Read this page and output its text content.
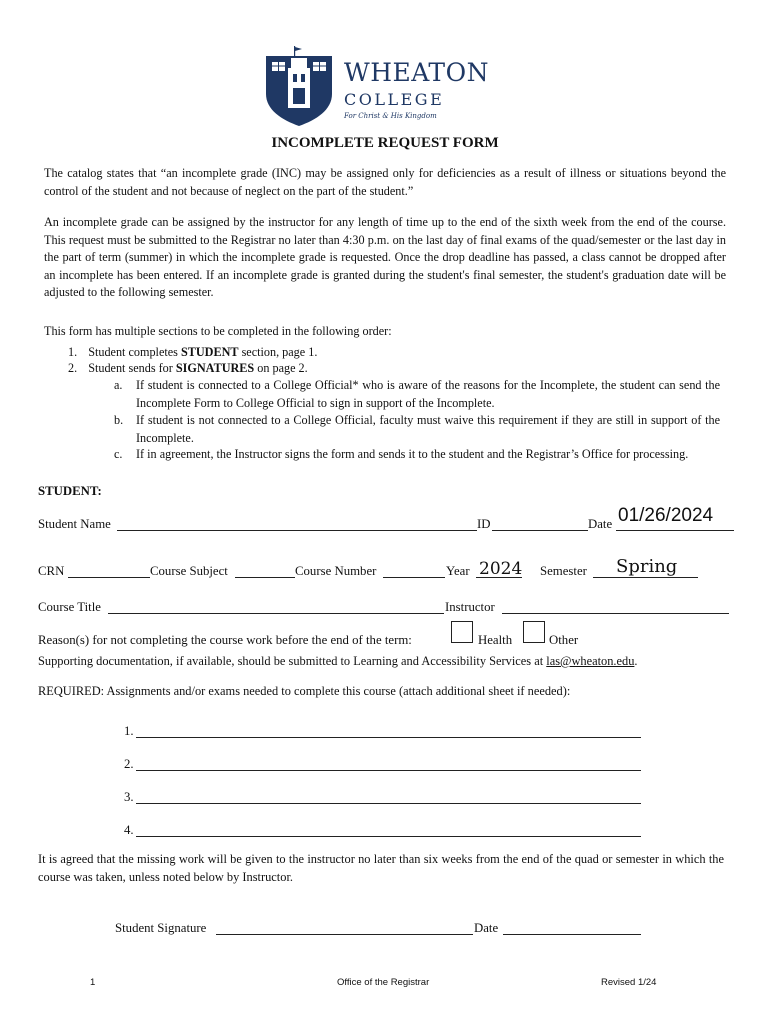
WHEATON
COLLEGE
For Christ & His Kingdom
INCOMPLETE REQUEST FORM
The catalog states that “an incomplete grade (INC) may be assigned only for deficiencies as a result of illness or situations beyond the control of the student and not because of neglect on the part of the student.”
An incomplete grade can be assigned by the instructor for any length of time up to the end of the sixth week from the end of the course. This request must be submitted to the Registrar no later than 4:30 p.m. on the last day of final exams of the quad/semester or the last day in the part of term (summer) in which the incomplete grade is requested. Once the drop deadline has passed, a class cannot be dropped after an incomplete has been entered. If an incomplete grade is granted during the student's final semester, the student's graduation date will be adjusted to the following semester.
This form has multiple sections to be completed in the following order:
1. Student completes STUDENT section, page 1.
2. Student sends for SIGNATURES on page 2.
a. If student is connected to a College Official* who is aware of the reasons for the Incomplete, the student can send the Incomplete Form to College Official to sign in support of the Incomplete.
b. If student is not connected to a College Official, faculty must waive this requirement if they are still in support of the Incomplete.
c. If in agreement, the Instructor signs the form and sends it to the student and the Registrar’s Office for processing.
STUDENT:
Student Name	ID	Date 01/26/2024
CRN	Course Subject	Course Number	Year 2024 Semester Spring
Course Title	Instructor
Reason(s) for not completing the course work before the end of the term:	Health	Other
Supporting documentation, if available, should be submitted to Learning and Accessibility Services at las@wheaton.edu.
REQUIRED: Assignments and/or exams needed to complete this course (attach additional sheet if needed):
1.
2.
3.
4.
It is agreed that the missing work will be given to the instructor no later than six weeks from the end of the quad or semester in which the course was taken, unless noted below by Instructor.
Student Signature	Date
1	Office of the Registrar	Revised 1/24
